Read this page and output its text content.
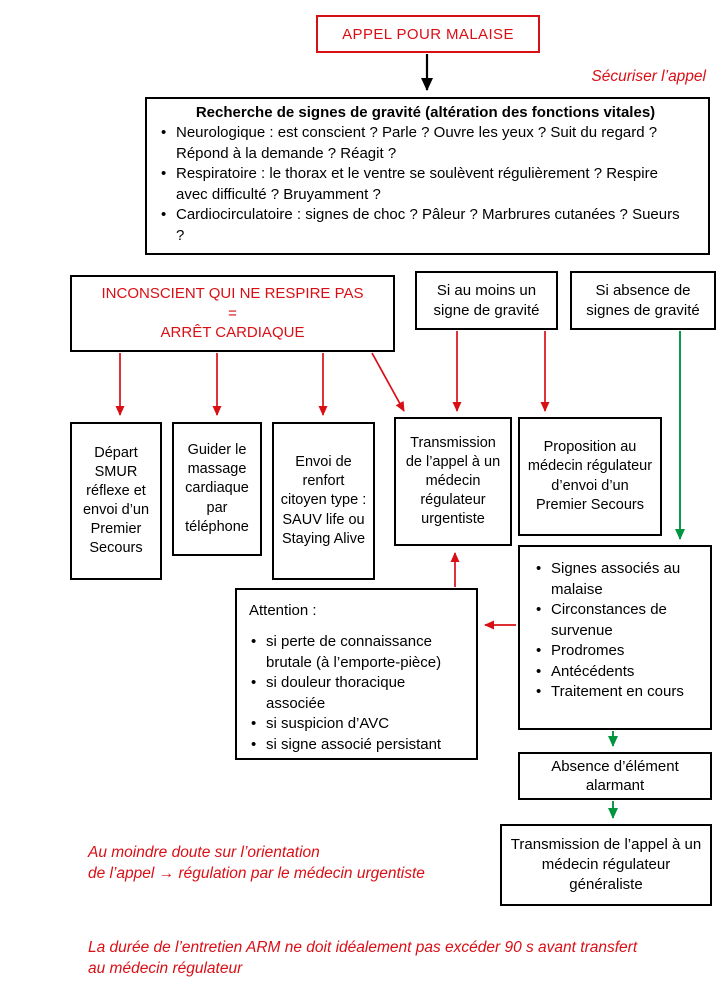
APPEL POUR MALAISE
Sécuriser l’appel
Recherche de signes de gravité (altération des fonctions vitales)
• Neurologique : est conscient ? Parle ? Ouvre les yeux ? Suit du regard ? Répond à la demande ? Réagit ?
• Respiratoire : le thorax et le ventre se soulèvent régulièrement ? Respire avec difficulté ? Bruyamment ?
• Cardiocirculatoire : signes de choc ? Pâleur ? Marbrures cutanées ? Sueurs ?
INCONSCIENT QUI NE RESPIRE PAS
=
ARRÊT CARDIAQUE
Si au moins un signe de gravité
Si absence de signes de gravité
Départ SMUR réflexe et envoi d’un Premier Secours
Guider le massage cardiaque par téléphone
Envoi de renfort citoyen type : SAUV life ou Staying Alive
Transmission de l’appel à un médecin régulateur urgentiste
Proposition au médecin régulateur d’envoi d’un Premier Secours
Attention :
• si perte de connaissance brutale (à l’emporte-pièce)
• si douleur thoracique associée
• si suspicion d’AVC
• si signe associé persistant
• Signes associés au malaise
• Circonstances de survenue
• Prodromes
• Antécédents
• Traitement en cours
Absence d’élément alarmant
Transmission de l’appel à un médecin régulateur généraliste
Au moindre doute sur l’orientation
de l’appel → régulation par le médecin urgentiste
La durée de l’entretien ARM ne doit idéalement pas excéder 90 s avant transfert
au médecin régulateur
